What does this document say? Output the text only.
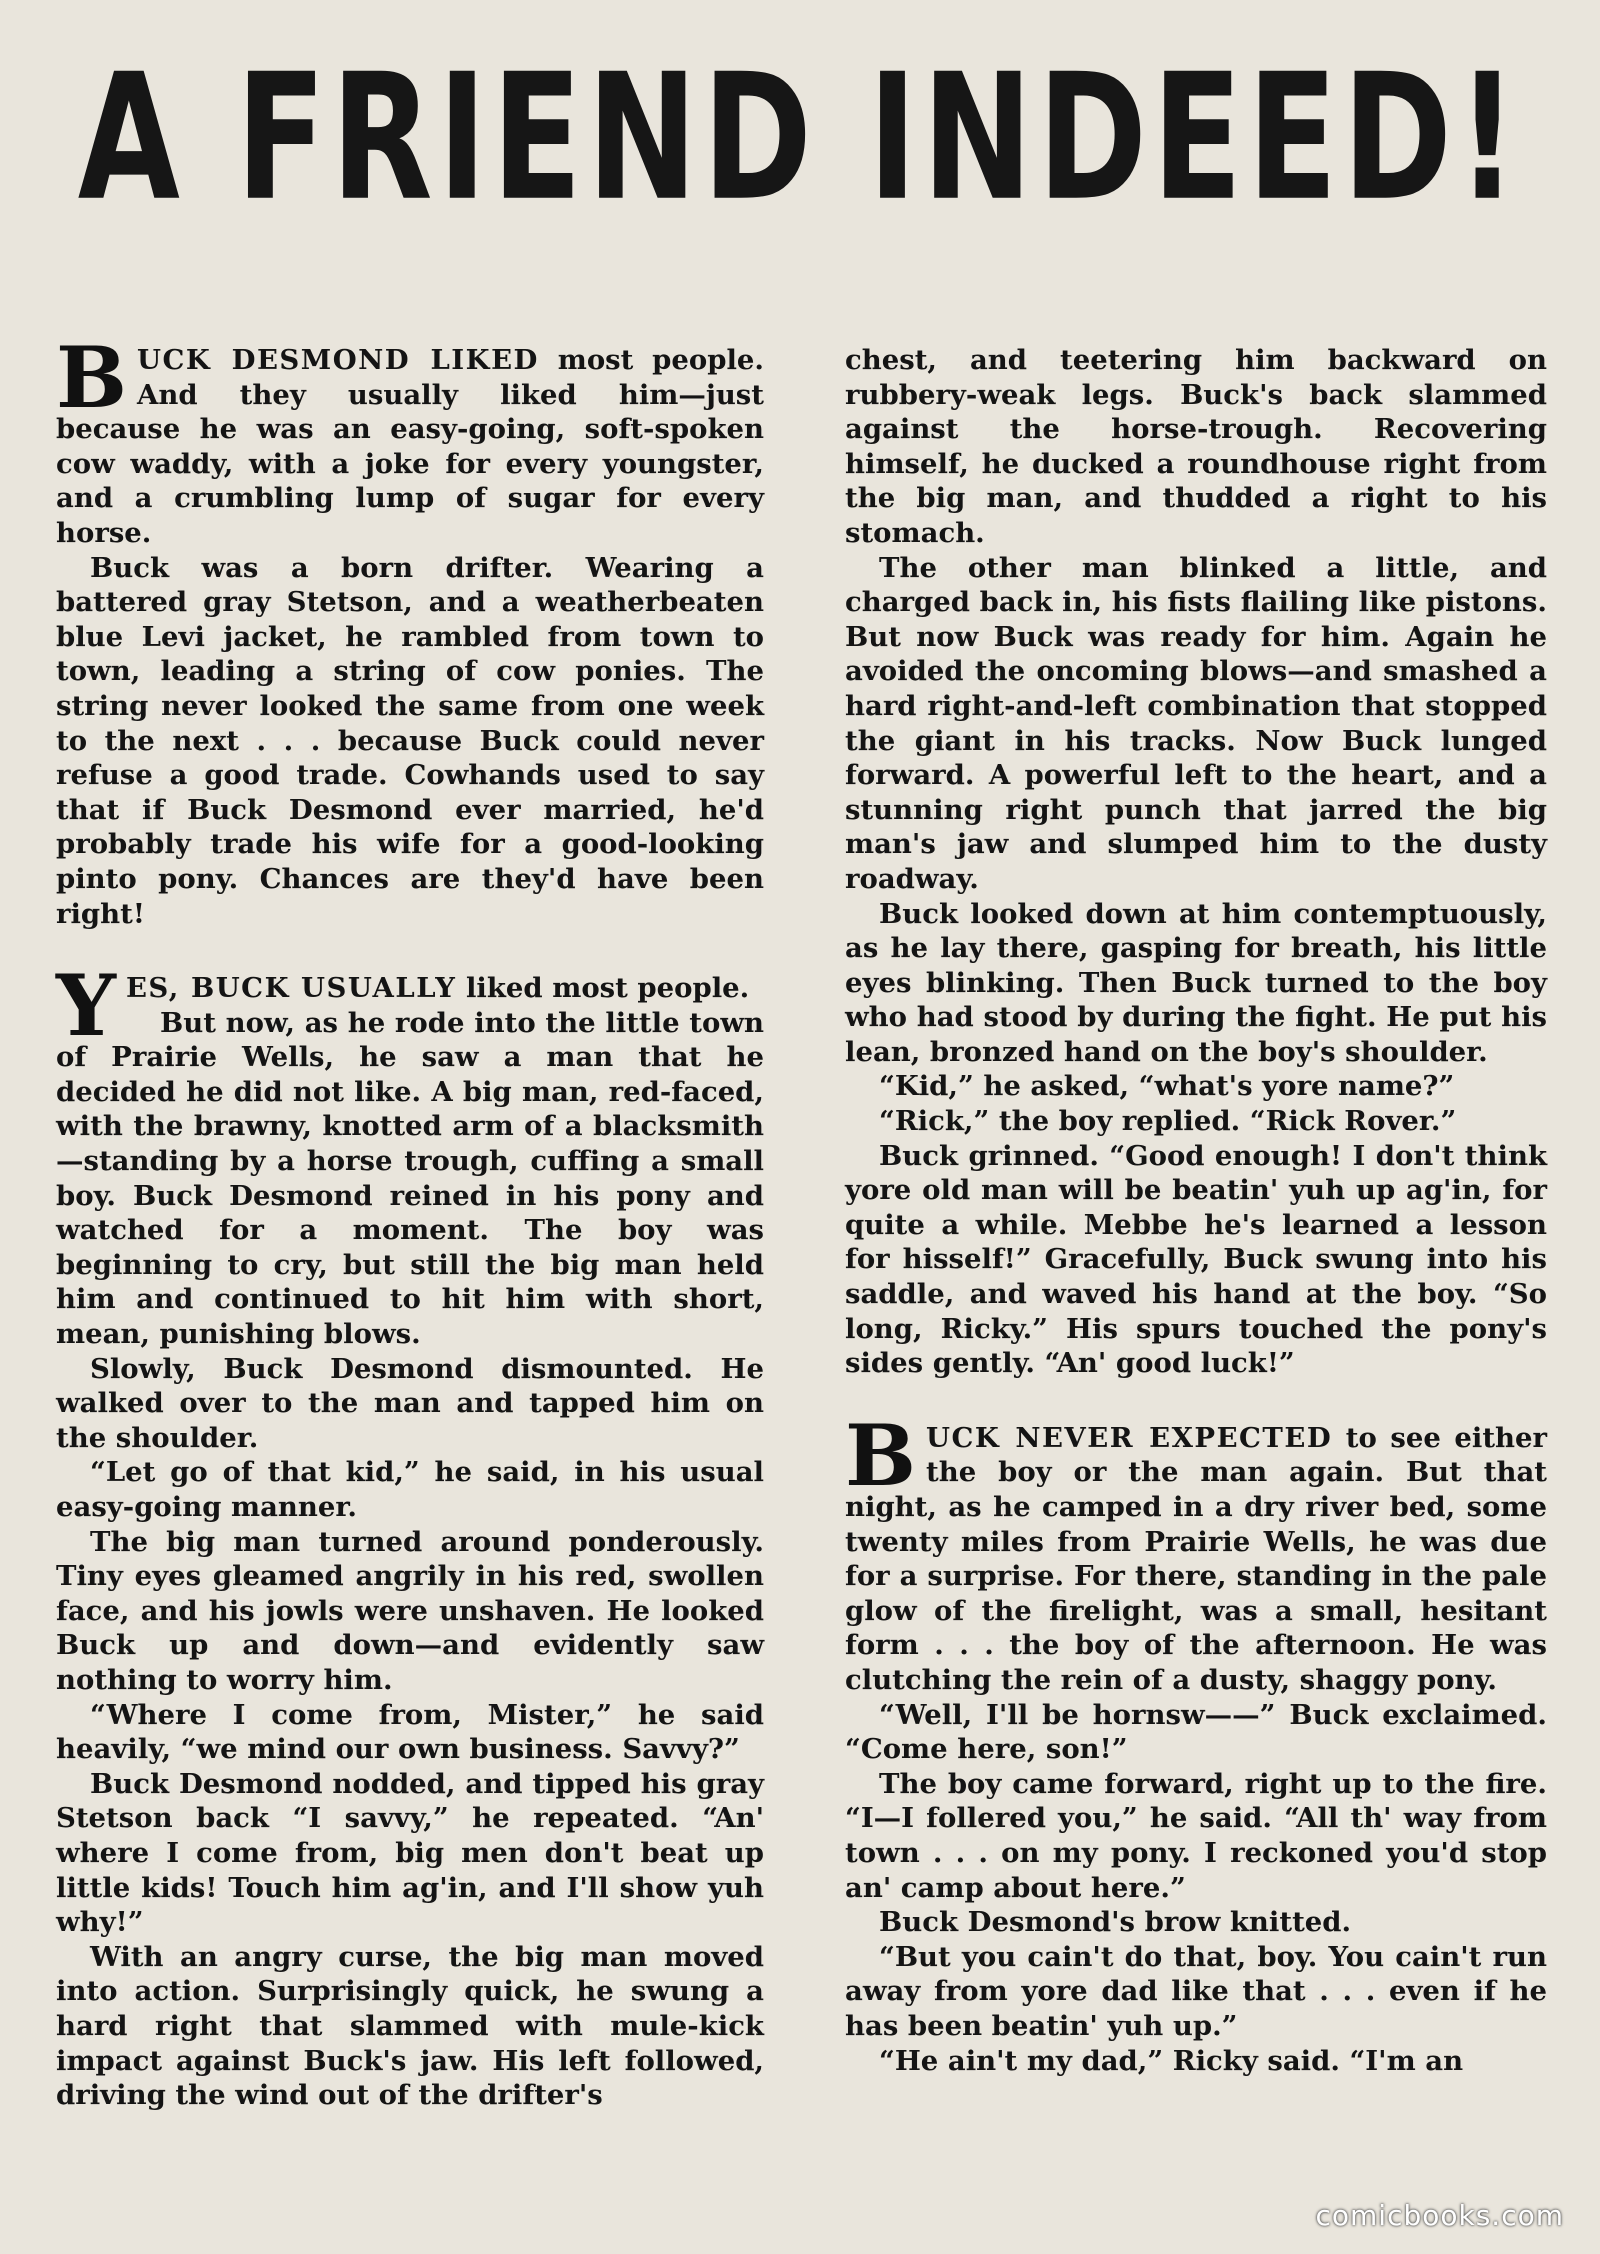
A FRIEND INDEED!

BUCK DESMOND LIKED most people. And they usually liked him—just because he was an easy-going, soft-spoken cow waddy, with a joke for every youngster, and a crumbling lump of sugar for every horse.

Buck was a born drifter. Wearing a battered gray Stetson, and a weatherbeaten blue Levi jacket, he rambled from town to town, leading a string of cow ponies. The string never looked the same from one week to the next . . . because Buck could never refuse a good trade. Cowhands used to say that if Buck Desmond ever married, he'd probably trade his wife for a good-looking pinto pony. Chances are they'd have been right!

YES, BUCK USUALLY liked most people.

But now, as he rode into the little town of Prairie Wells, he saw a man that he decided he did not like. A big man, red-faced, with the brawny, knotted arm of a blacksmith—standing by a horse trough, cuffing a small boy. Buck Desmond reined in his pony and watched for a moment. The boy was beginning to cry, but still the big man held him and continued to hit him with short, mean, punishing blows.

Slowly, Buck Desmond dismounted. He walked over to the man and tapped him on the shoulder.

“Let go of that kid,” he said, in his usual easy-going manner.

The big man turned around ponderously. Tiny eyes gleamed angrily in his red, swollen face, and his jowls were unshaven. He looked Buck up and down—and evidently saw nothing to worry him.

“Where I come from, Mister,” he said heavily, “we mind our own business. Savvy?”

Buck Desmond nodded, and tipped his gray Stetson back “I savvy,” he repeated. “An' where I come from, big men don't beat up little kids! Touch him ag'in, and I'll show yuh why!”

With an angry curse, the big man moved into action. Surprisingly quick, he swung a hard right that slammed with mule-kick impact against Buck's jaw. His left followed, driving the wind out of the drifter's

chest, and teetering him backward on rubbery-weak legs. Buck's back slammed against the horse-trough. Recovering himself, he ducked a roundhouse right from the big man, and thudded a right to his stomach.

The other man blinked a little, and charged back in, his fists flailing like pistons. But now Buck was ready for him. Again he avoided the oncoming blows—and smashed a hard right-and-left combination that stopped the giant in his tracks. Now Buck lunged forward. A powerful left to the heart, and a stunning right punch that jarred the big man's jaw and slumped him to the dusty roadway.

Buck looked down at him contemptuously, as he lay there, gasping for breath, his little eyes blinking. Then Buck turned to the boy who had stood by during the fight. He put his lean, bronzed hand on the boy's shoulder.

“Kid,” he asked, “what's yore name?”

“Rick,” the boy replied. “Rick Rover.”

Buck grinned. “Good enough! I don't think yore old man will be beatin' yuh up ag'in, for quite a while. Mebbe he's learned a lesson for hisself!” Gracefully, Buck swung into his saddle, and waved his hand at the boy. “So long, Ricky.” His spurs touched the pony's sides gently. “An' good luck!”

BUCK NEVER EXPECTED to see either the boy or the man again. But that night, as he camped in a dry river bed, some twenty miles from Prairie Wells, he was due for a surprise. For there, standing in the pale glow of the firelight, was a small, hesitant form . . . the boy of the afternoon. He was clutching the rein of a dusty, shaggy pony.

“Well, I'll be hornsw——” Buck exclaimed. “Come here, son!”

The boy came forward, right up to the fire. “I—I follered you,” he said. “All th' way from town . . . on my pony. I reckoned you'd stop an' camp about here.”

Buck Desmond's brow knitted.

“But you cain't do that, boy. You cain't run away from yore dad like that . . . even if he has been beatin' yuh up.”

“He ain't my dad,” Ricky said. “I'm an

comicbooks.com
